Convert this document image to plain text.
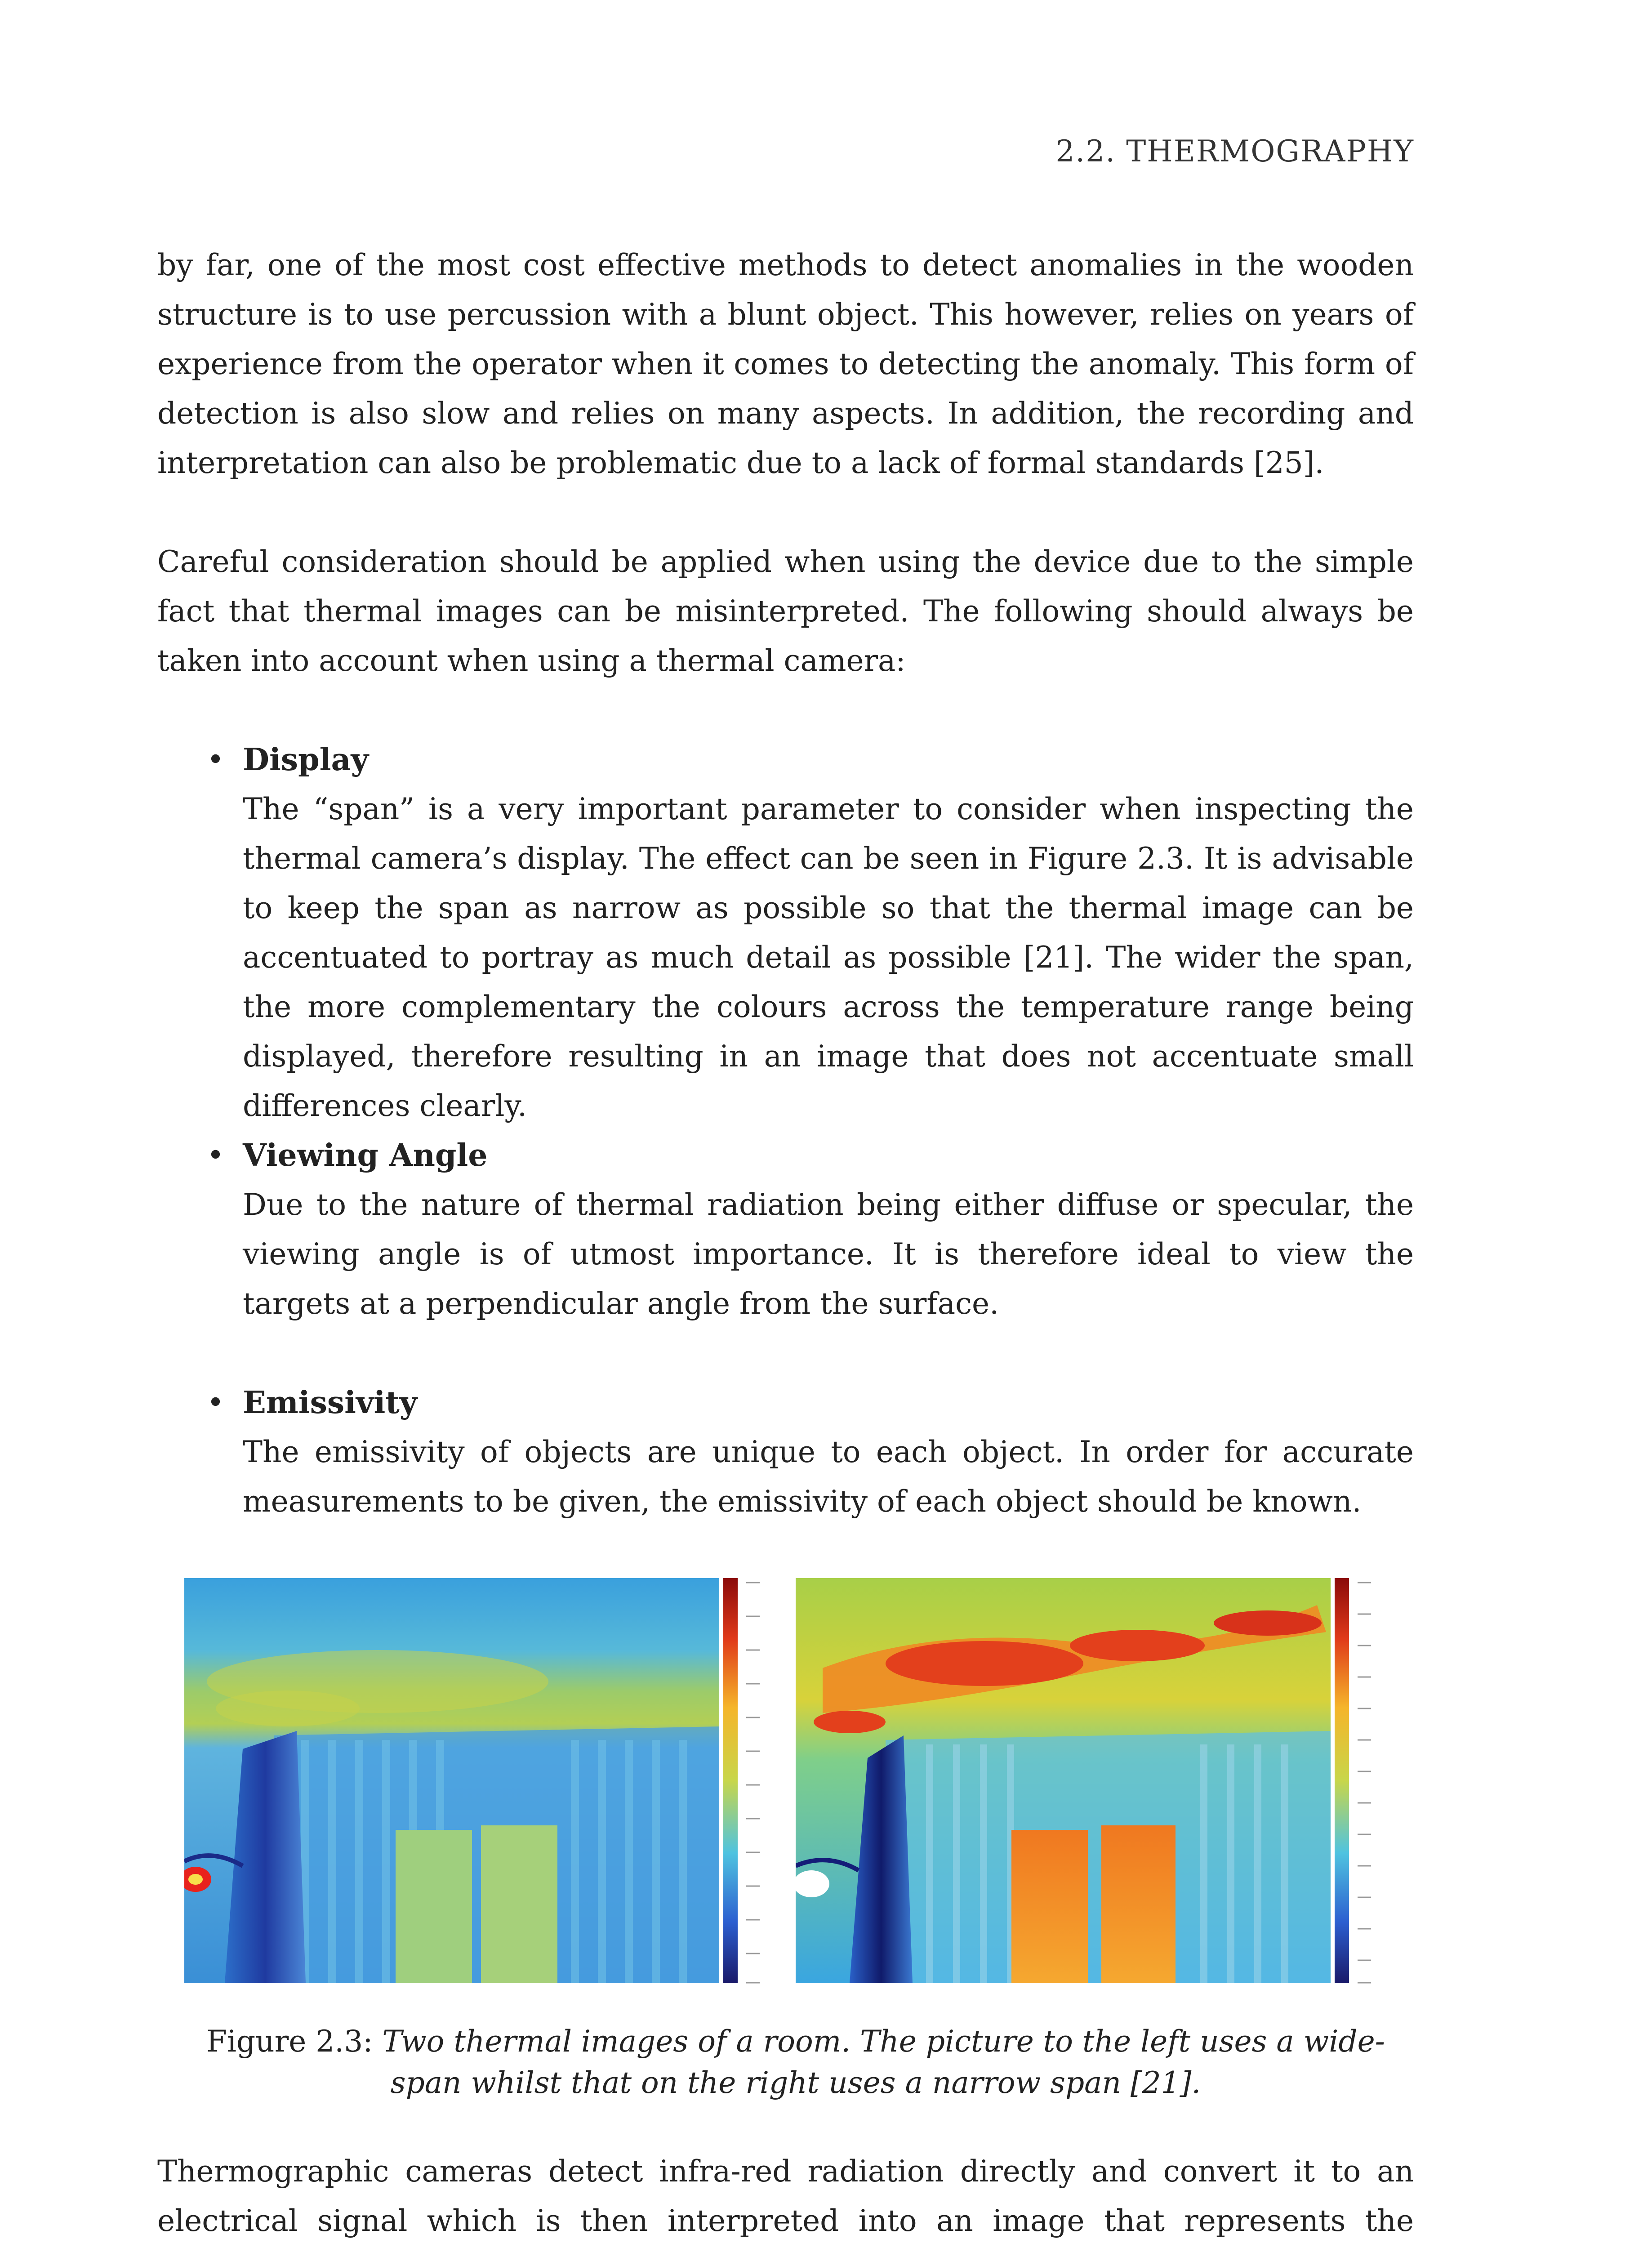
2.2. THERMOGRAPHY

by far, one of the most cost effective methods to detect anomalies in the wooden structure is to use percussion with a blunt object. This however, relies on years of experience from the operator when it comes to detecting the anomaly. This form of detection is also slow and relies on many aspects. In addition, the recording and interpretation can also be problematic due to a lack of formal standards [25].

Careful consideration should be applied when using the device due to the simple fact that thermal images can be misinterpreted. The following should always be taken into account when using a thermal camera:

• Display

The “span” is a very important parameter to consider when inspecting the thermal camera’s display. The effect can be seen in Figure 2.3. It is advisable to keep the span as narrow as possible so that the thermal image can be accentuated to portray as much detail as possible [21]. The wider the span, the more complementary the colours across the temperature range being displayed, therefore resulting in an image that does not accentuate small differences clearly.

• Viewing Angle

Due to the nature of thermal radiation being either diffuse or specular, the viewing angle is of utmost importance. It is therefore ideal to view the targets at a perpendicular angle from the surface.

• Emissivity

The emissivity of objects are unique to each object. In order for accurate measurements to be given, the emissivity of each object should be known.

Figure 2.3: Two thermal images of a room. The picture to the left uses a wide-span whilst that on the right uses a narrow span [21].

Thermographic cameras detect infra-red radiation directly and convert it to an electrical signal which is then interpreted into an image that represents the
